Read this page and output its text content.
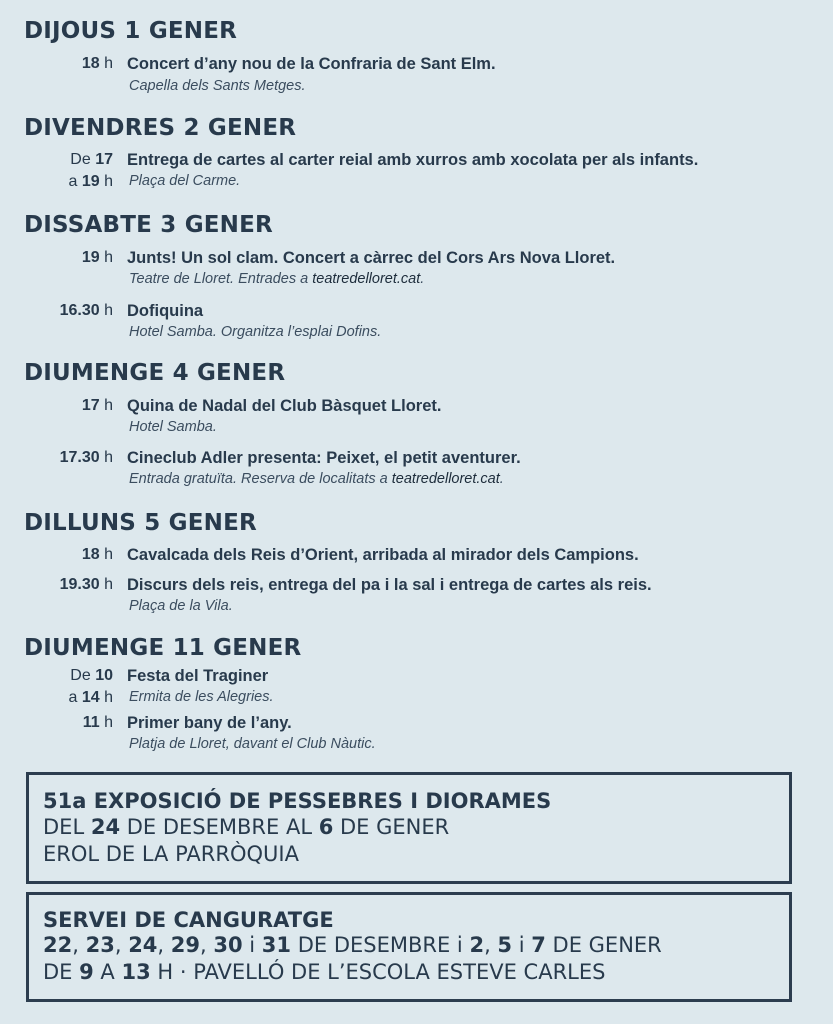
DIJOUS 1 GENER
18 h Concert d’any nou de la Confraria de Sant Elm.
Capella dels Sants Metges.
DIVENDRES 2 GENER
De 17 Entrega de cartes al carter reial amb xurros amb xocolata per als infants.
a 19 h Plaça del Carme.
DISSABTE 3 GENER
19 h Junts! Un sol clam. Concert a càrrec del Cors Ars Nova Lloret.
Teatre de Lloret. Entrades a teatredelloret.cat.
16.30 h Dofiquina
Hotel Samba. Organitza l’esplai Dofins.
DIUMENGE 4 GENER
17 h Quina de Nadal del Club Bàsquet Lloret.
Hotel Samba.
17.30 h Cineclub Adler presenta: Peixet, el petit aventurer.
Entrada gratuïta. Reserva de localitats a teatredelloret.cat.
DILLUNS 5 GENER
18 h Cavalcada dels Reis d’Orient, arribada al mirador dels Campions.
19.30 h Discurs dels reis, entrega del pa i la sal i entrega de cartes als reis.
Plaça de la Vila.
DIUMENGE 11 GENER
De 10 Festa del Traginer
a 14 h Ermita de les Alegries.
11 h Primer bany de l’any.
Platja de Lloret, davant el Club Nàutic.
51a EXPOSICIÓ DE PESSEBRES I DIORAMES
DEL 24 DE DESEMBRE AL 6 DE GENER
EROL DE LA PARRÒQUIA
SERVEI DE CANGURATGE
22, 23, 24, 29, 30 i 31 DE DESEMBRE i 2, 5 i 7 DE GENER
DE 9 A 13 H · PAVELLÓ DE L’ESCOLA ESTEVE CARLES
